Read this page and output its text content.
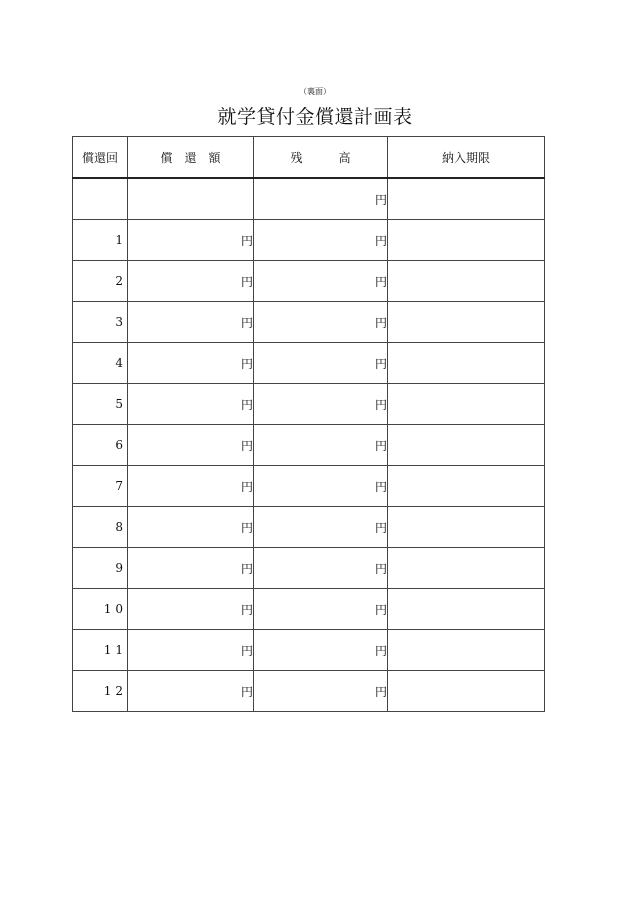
（裏面）
就学貸付金償還計画表
償還回	償　還　額	残　　　高	納入期限
		円	
1	円	円	
2	円	円	
3	円	円	
4	円	円	
5	円	円	
6	円	円	
7	円	円	
8	円	円	
9	円	円	
10	円	円	
11	円	円	
12	円	円	
